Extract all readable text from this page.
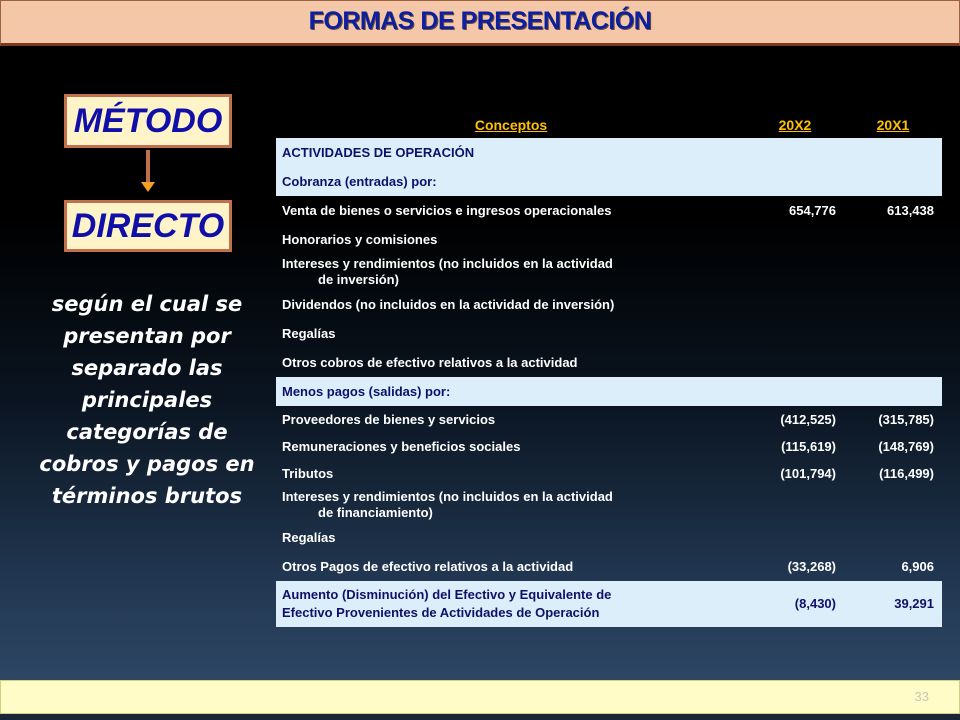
FORMAS DE PRESENTACIÓN
MÉTODO
DIRECTO
según el cual se
presentan por
separado las
principales
categorías de
cobros y pagos en
términos brutos
Conceptos	20X2	20X1
ACTIVIDADES DE OPERACIÓN		
Cobranza (entradas) por:		
Venta de bienes o servicios e ingresos operacionales	654,776	613,438
Honorarios y comisiones		

Intereses y rendimientos (no incluidos en la actividad
de inversión)		
Dividendos (no incluidos en la actividad de inversión)		
Regalías		
Otros cobros de efectivo relativos a la actividad		
Menos pagos (salidas) por:		
Proveedores de bienes y servicios	(412,525)	(315,785)
Remuneraciones y beneficios sociales	(115,619)	(148,769)
Tributos	(101,794)	(116,499)

Intereses y rendimientos (no incluidos en la actividad
de financiamiento)		
Regalías		
Otros Pagos de efectivo relativos a la actividad	(33,268)	6,906

Aumento (Disminución) del Efectivo y Equivalente de
Efectivo Provenientes de Actividades de Operación	(8,430)	39,291
33
